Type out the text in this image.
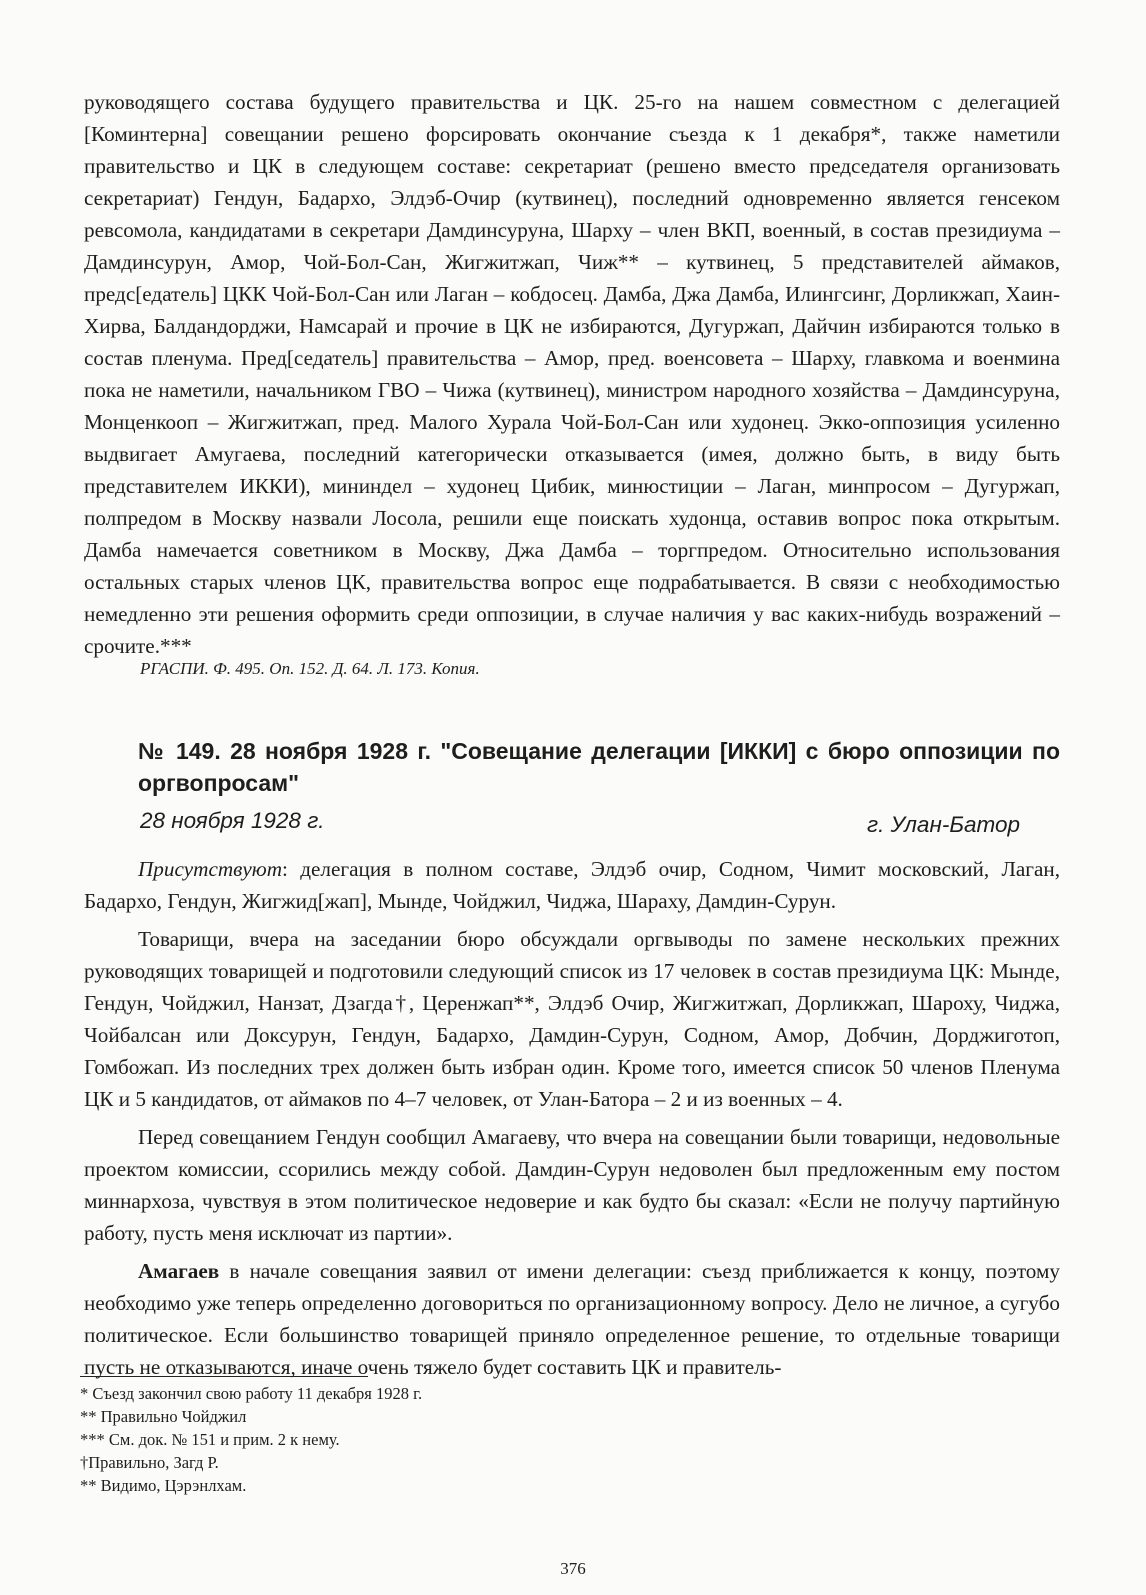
руководящего состава будущего правительства и ЦК. 25-го на нашем совместном с делегацией [Коминтерна] совещании решено форсировать окончание съезда к 1 декабря*, также наметили правительство и ЦК в следующем составе: секретариат (решено вместо председателя организовать секретариат) Гендун, Бадархо, Элдэб-Очир (кутвинец), последний одновременно является генсеком ревсомола, кандидатами в секретари Дамдинсуруна, Шарху – член ВКП, военный, в состав президиума – Дамдинсурун, Амор, Чой-Бол-Сан, Жигжитжап, Чиж** – кутвинец, 5 представителей аймаков, предс[едатель] ЦКК Чой-Бол-Сан или Лаган – кобдосец. Дамба, Джа Дамба, Илингсинг, Дорликжап, Хаин-Хирва, Балдандорджи, Намсарай и прочие в ЦК не избираются, Дугуржап, Дайчин избираются только в состав пленума. Пред[седатель] правительства – Амор, пред. военсовета – Шарху, главкома и военмина пока не наметили, начальником ГВО – Чижа (кутвинец), министром народного хозяйства – Дамдинсуруна, Монценкооп – Жигжитжап, пред. Малого Хурала Чой-Бол-Сан или худонец. Экко-оппозиция усиленно выдвигает Амугаева, последний категорически отказывается (имея, должно быть, в виду быть представителем ИККИ), мининдел – худонец Цибик, минюстиции – Лаган, минпросом – Дугуржап, полпредом в Москву назвали Лосола, решили еще поискать худонца, оставив вопрос пока открытым. Дамба намечается советником в Москву, Джа Дамба – торгпредом. Относительно использования остальных старых членов ЦК, правительства вопрос еще подрабатывается. В связи с необходимостью немедленно эти решения оформить среди оппозиции, в случае наличия у вас каких-нибудь возражений – срочите.***

РГАСПИ. Ф. 495. Оп. 152. Д. 64. Л. 173. Копия.

№ 149. 28 ноября 1928 г. "Совещание делегации [ИККИ] с бюро оппозиции по оргвопросам"
28 ноября 1928 г.	г. Улан-Батор

Присутствуют: делегация в полном составе, Элдэб очир, Содном, Чимит московский, Лаган, Бадархо, Гендун, Жигжид[жап], Мынде, Чойджил, Чиджа, Шараху, Дамдин-Сурун.

Товарищи, вчера на заседании бюро обсуждали оргвыводы по замене нескольких прежних руководящих товарищей и подготовили следующий список из 17 человек в состав президиума ЦК: Мынде, Гендун, Чойджил, Нанзат, Дзагда†, Церенжап**, Элдэб Очир, Жигжитжап, Дорликжап, Шароху, Чиджа, Чойбалсан или Доксурун, Гендун, Бадархо, Дамдин-Сурун, Содном, Амор, Добчин, Дорджиготоп, Гомбожап. Из последних трех должен быть избран один. Кроме того, имеется список 50 членов Пленума ЦК и 5 кандидатов, от аймаков по 4–7 человек, от Улан-Батора – 2 и из военных – 4.

Перед совещанием Гендун сообщил Амагаеву, что вчера на совещании были товарищи, недовольные проектом комиссии, ссорились между собой. Дамдин-Сурун недоволен был предложенным ему постом миннархоза, чувствуя в этом политическое недоверие и как будто бы сказал: «Если не получу партийную работу, пусть меня исключат из партии».

Амагаев в начале совещания заявил от имени делегации: съезд приближается к концу, поэтому необходимо уже теперь определенно договориться по организационному вопросу. Дело не личное, а сугубо политическое. Если большинство товарищей приняло определенное решение, то отдельные товарищи пусть не отказываются, иначе очень тяжело будет составить ЦК и правитель-

* Съезд закончил свою работу 11 декабря 1928 г.
** Правильно Чойджил
*** См. док. № 151 и прим. 2 к нему.
†Правильно, Загд Р.
** Видимо, Цэрэнлхам.
376
